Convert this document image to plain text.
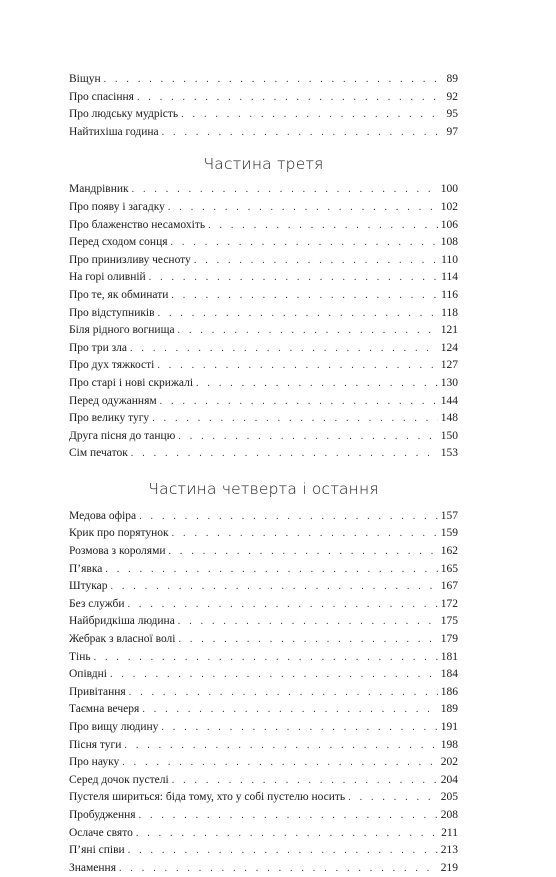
Віщун . . .	89
Про спасіння . . .	92
Про людську мудрість . . .	95
Найтихіша година . . .	97
Частина третя
Мандрівник . . .	100
Про появу і загадку . . .	102
Про блаженство несамохіть . . .	106
Перед сходом сонця . . .	108
Про принизливу чесноту . . .	110
На горі оливній . . .	114
Про те, як обминати . . .	116
Про відступників . . .	118
Біля рідного вогнища . . .	121
Про три зла . . .	124
Про дух тяжкості . . .	127
Про старі і нові скрижалі . . .	130
Перед одужанням . . .	144
Про велику тугу . . .	148
Друга пісня до танцю . . .	150
Сім печаток . . .	153
Частина четверта і остання
Медова офіра . . .	157
Крик про порятунок . . .	159
Розмова з королями . . .	162
П’явка . . .	165
Штукар . . .	167
Без служби . . .	172
Найбридкіша людина . . .	175
Жебрак з власної волі . . .	179
Тінь . . .	181
Опівдні . . .	184
Привітання . . .	186
Таємна вечеря . . .	189
Про вищу людину . . .	191
Пісня туги . . .	198
Про науку . . .	202
Серед дочок пустелі . . .	204
Пустеля шириться: біда тому, хто у собі пустелю носить . . .	205
Пробудження . . .	208
Ослаче свято . . .	211
П’яні співи . . .	213
Знамення . . .	219
